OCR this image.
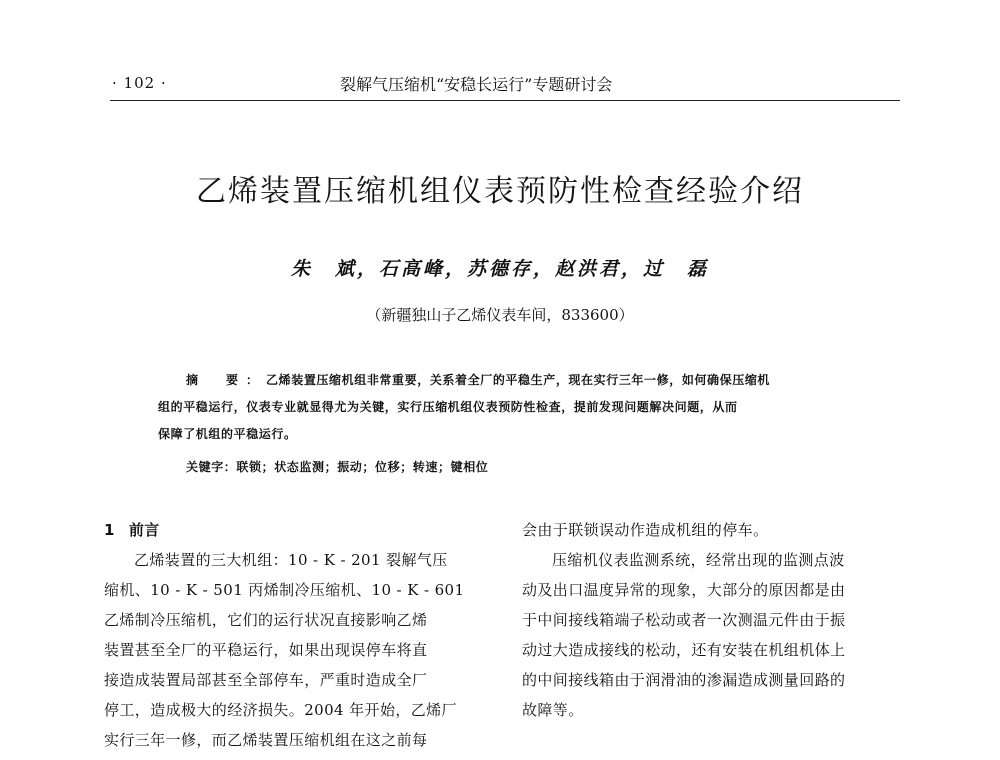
· 102 ·	裂解气压缩机“安稳长运行”专题研讨会
乙烯装置压缩机组仪表预防性检查经验介绍
朱　斌，石高峰，苏德存，赵洪君，过　磊
（新疆独山子乙烯仪表车间，833600）
摘　要：乙烯装置压缩机组非常重要，关系着全厂的平稳生产，现在实行三年一修，如何确保压缩机
组的平稳运行，仪表专业就显得尤为关键，实行压缩机组仪表预防性检查，提前发现问题解决问题，从而
保障了机组的平稳运行。
关键字：联锁；状态监测；振动；位移；转速；键相位
1 前言
乙烯装置的三大机组：10 - K - 201 裂解气压
缩机、10 - K - 501 丙烯制冷压缩机、10 - K - 601
乙烯制冷压缩机，它们的运行状况直接影响乙烯
装置甚至全厂的平稳运行，如果出现误停车将直
接造成装置局部甚至全部停车，严重时造成全厂
停工，造成极大的经济损失。2004 年开始，乙烯厂
实行三年一修，而乙烯装置压缩机组在这之前每
会由于联锁误动作造成机组的停车。
压缩机仪表监测系统，经常出现的监测点波
动及出口温度异常的现象，大部分的原因都是由
于中间接线箱端子松动或者一次测温元件由于振
动过大造成接线的松动，还有安装在机组机体上
的中间接线箱由于润滑油的渗漏造成测量回路的
故障等。
